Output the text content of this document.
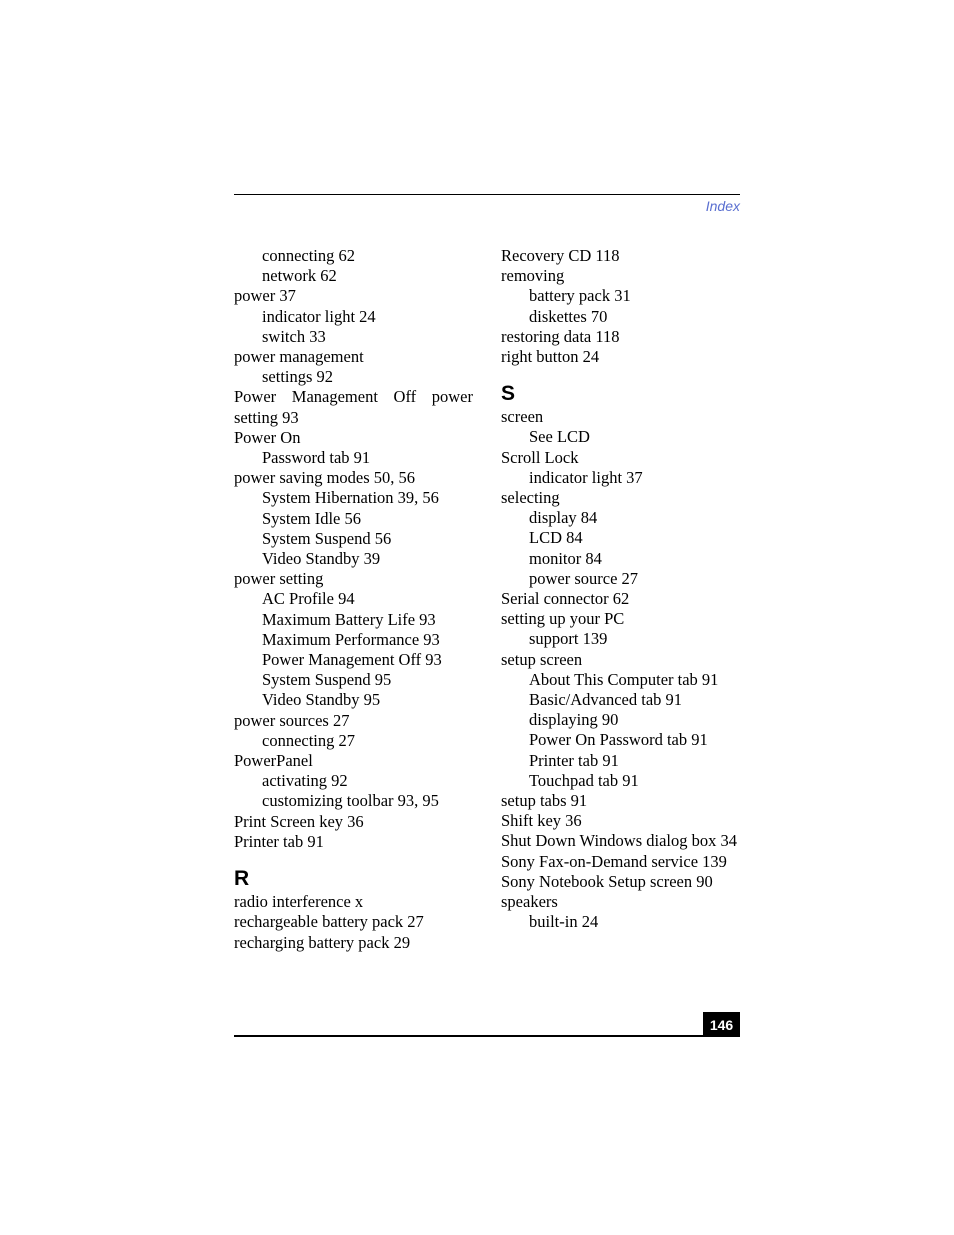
Index
connecting 62
network 62
power 37
indicator light 24
switch 33
power management
settings 92
Power Management Off power setting 93
Power On
Password tab 91
power saving modes 50, 56
System Hibernation 39, 56
System Idle 56
System Suspend 56
Video Standby 39
power setting
AC Profile 94
Maximum Battery Life 93
Maximum Performance 93
Power Management Off 93
System Suspend 95
Video Standby 95
power sources 27
connecting 27
PowerPanel
activating 92
customizing toolbar 93, 95
Print Screen key 36
Printer tab 91
R
radio interference x
rechargeable battery pack 27
recharging battery pack 29
Recovery CD 118
removing
battery pack 31
diskettes 70
restoring data 118
right button 24
S
screen
See LCD
Scroll Lock
indicator light 37
selecting
display 84
LCD 84
monitor 84
power source 27
Serial connector 62
setting up your PC
support 139
setup screen
About This Computer tab 91
Basic/Advanced tab 91
displaying 90
Power On Password tab 91
Printer tab 91
Touchpad tab 91
setup tabs 91
Shift key 36
Shut Down Windows dialog box 34
Sony Fax-on-Demand service 139
Sony Notebook Setup screen 90
speakers
built-in 24
146
